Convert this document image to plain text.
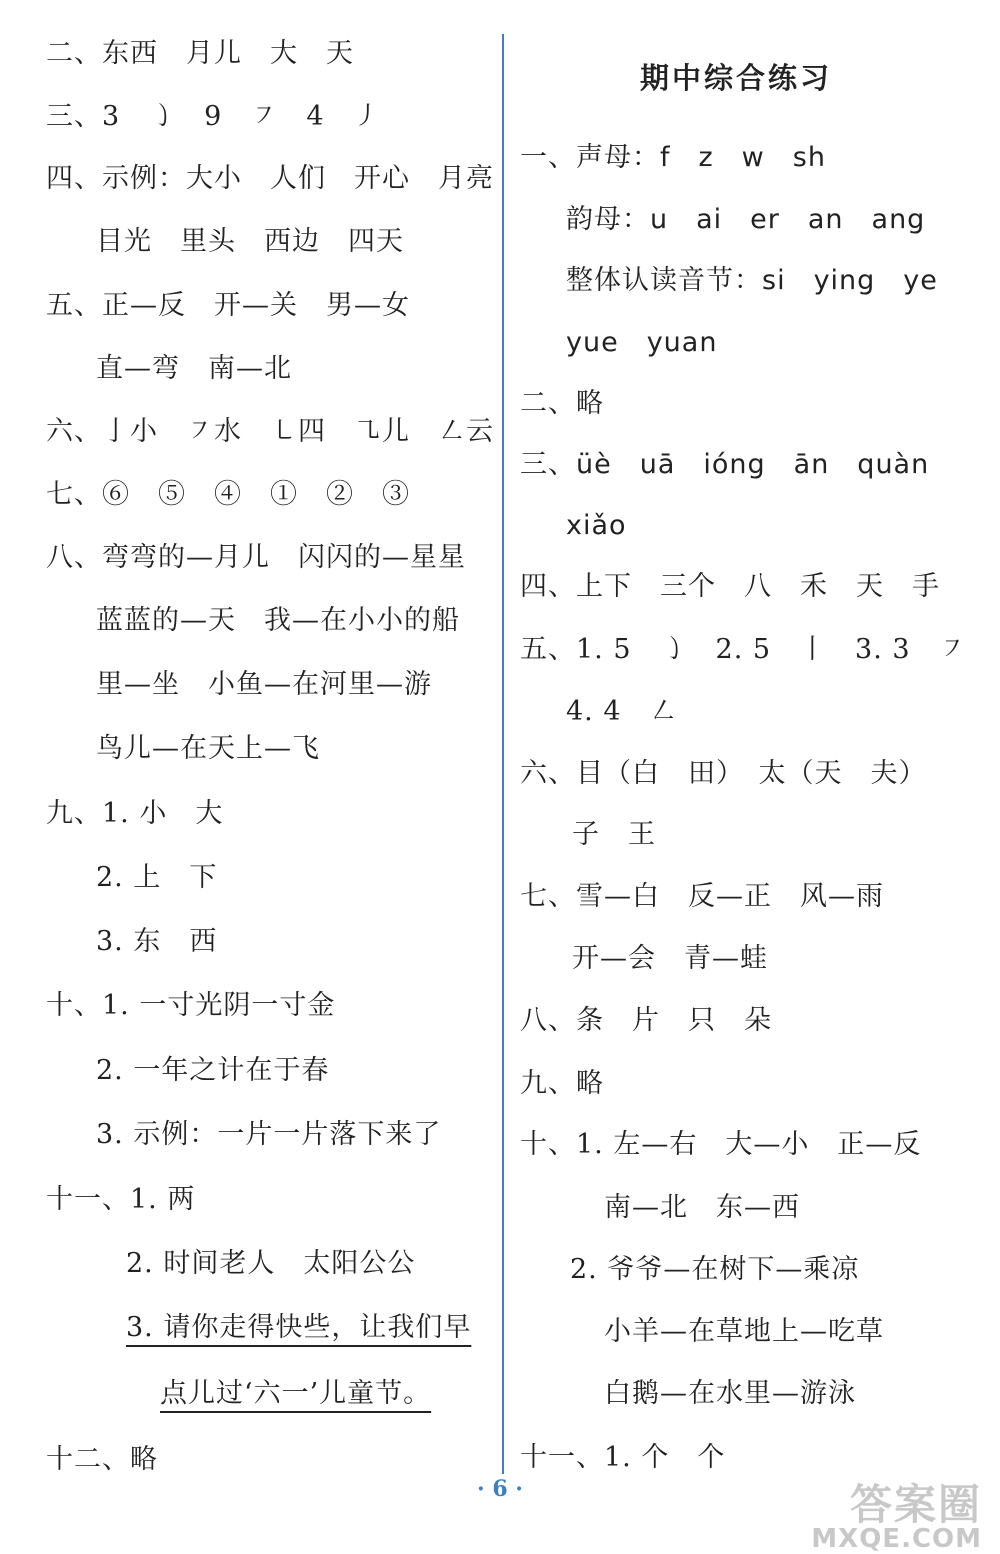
二、东西　月儿　大　天
三、3　㇁　9　㇇　4　㇓
四、示例：大小　人们　开心　月亮
目光　里头　西边　四天
五、正—反　开—关　男—女
直—弯　南—北
六、亅小　㇇水　㇄四　㇈儿　㇜云
七、⑥　⑤　④　①　②　③
八、弯弯的—月儿　闪闪的—星星
蓝蓝的—天　我—在小小的船
里—坐　小鱼—在河里—游
鸟儿—在天上—飞
九、1. 小　大
2. 上　下
3. 东　西
十、1. 一寸光阴一寸金
2. 一年之计在于春
3. 示例：一片一片落下来了
十一、1. 两
2. 时间老人　太阳公公
3. 请你走得快些，让我们早
点儿过‘六一’儿童节。
十二、略
期中综合练习
一、声母：f　z　w　sh
韵母：u　ai　er　an　ang
整体认读音节：si　ying　ye
yue　yuan
二、略
三、üè　uā　ióng　ān　quàn
xiǎo
四、上下　三个　八　禾　天　手
五、1. 5　㇁　2. 5　丨　3. 3　㇇
4. 4　㇜
六、目（白　田）　太（天　夫）
子　王
七、雪—白　反—正　风—雨
开—会　青—蛙
八、条　片　只　朵
九、略
十、1. 左—右　大—小　正—反
南—北　东—西
2. 爷爷—在树下—乘凉
小羊—在草地上—吃草
白鹅—在水里—游泳
十一、1. 个　个
· 6 ·	答案圈
MXQE.COM
